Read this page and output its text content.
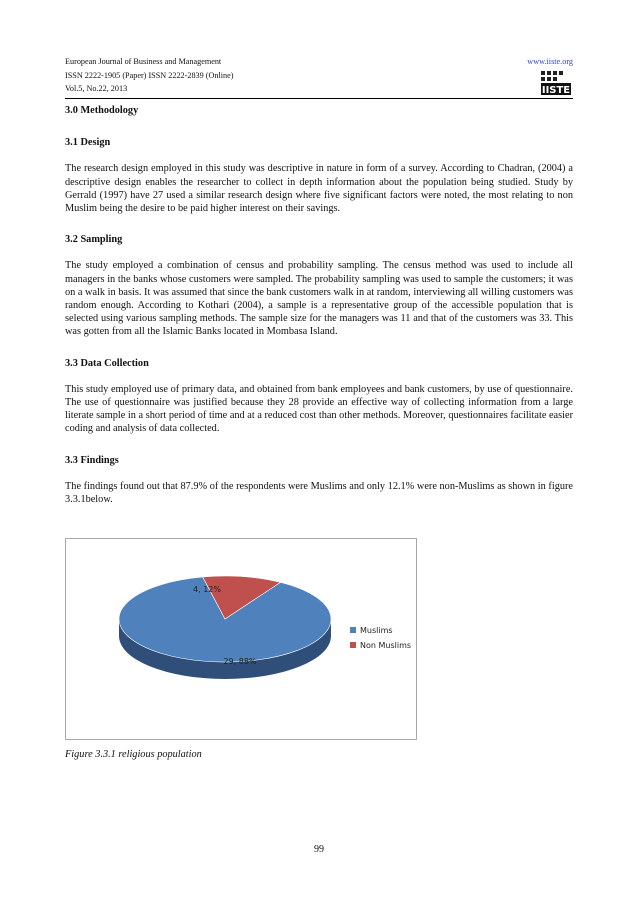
European Journal of Business and Management
ISSN 2222-1905 (Paper) ISSN 2222-2839 (Online)
Vol.5, No.22, 2013
www.iiste.org
IISTE
3.0 Methodology
3.1 Design

The research design employed in this study was descriptive in nature in form of a survey. According to Chadran, (2004) a descriptive design enables the researcher to collect in depth information about the population being studied. Study by Gerrald (1997) have 27 used a similar research design where five significant factors were noted, the most relating to non Muslim being the desire to be paid higher interest on their savings.

3.2 Sampling

The study employed a combination of census and probability sampling. The census method was used to include all managers in the banks whose customers were sampled. The probability sampling was used to sample the customers; it was on a walk in basis. It was assumed that since the bank customers walk in at random, interviewing all willing customers was random enough. According to Kothari (2004), a sample is a representative group of the accessible population that is selected using various sampling methods. The sample size for the managers was 11 and that of the customers was 33. This was gotten from all the Islamic Banks located in Mombasa Island.

3.3 Data Collection

This study employed use of primary data, and obtained from bank employees and bank customers, by use of questionnaire. The use of questionnaire was justified because they 28 provide an effective way of collecting information from a large literate sample in a short period of time and at a reduced cost than other methods. Moreover, questionnaires facilitate easier coding and analysis of data collected.

3.3 Findings

The findings found out that 87.9% of the respondents were Muslims and only 12.1% were non-Muslims as shown in figure 3.3.1below.

29, 88%
4, 12%
Muslims
Non Muslims
Figure 3.3.1 religious population
99
